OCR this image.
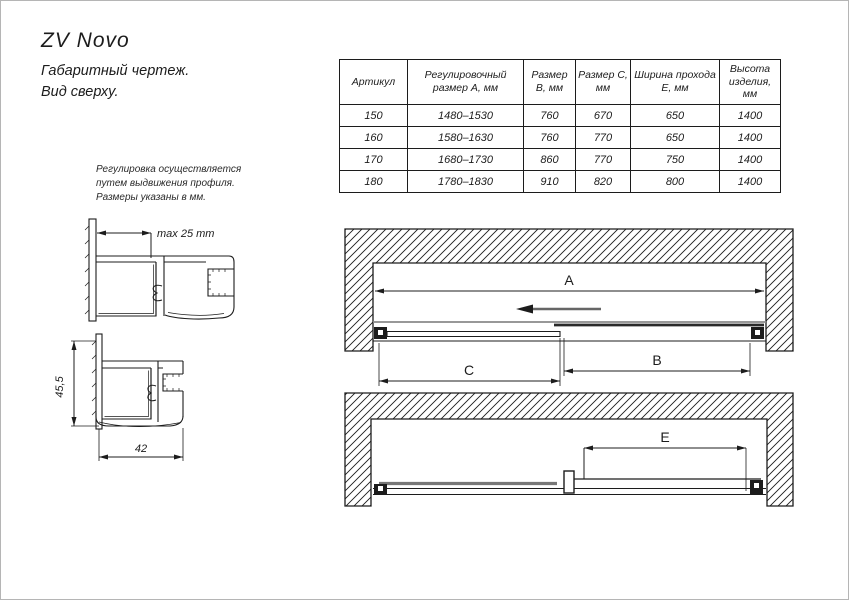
ZV Novo
Габаритный чертеж.
Вид сверху.
Регулировка осуществляется
путем выдвижения профиля.
Размеры указаны в мм.
Артикул	Регулировочный размер А, мм	Размер В, мм	Размер С, мм	Ширина прохода Е, мм	Высота изделия, мм
150	1480–1530	760	670	650	1400
160	1580–1630	760	770	650	1400
170	1680–1730	860	770	750	1400
180	1780–1830	910	820	800	1400
max 25 mm
45,5
42
A
C
B
E
